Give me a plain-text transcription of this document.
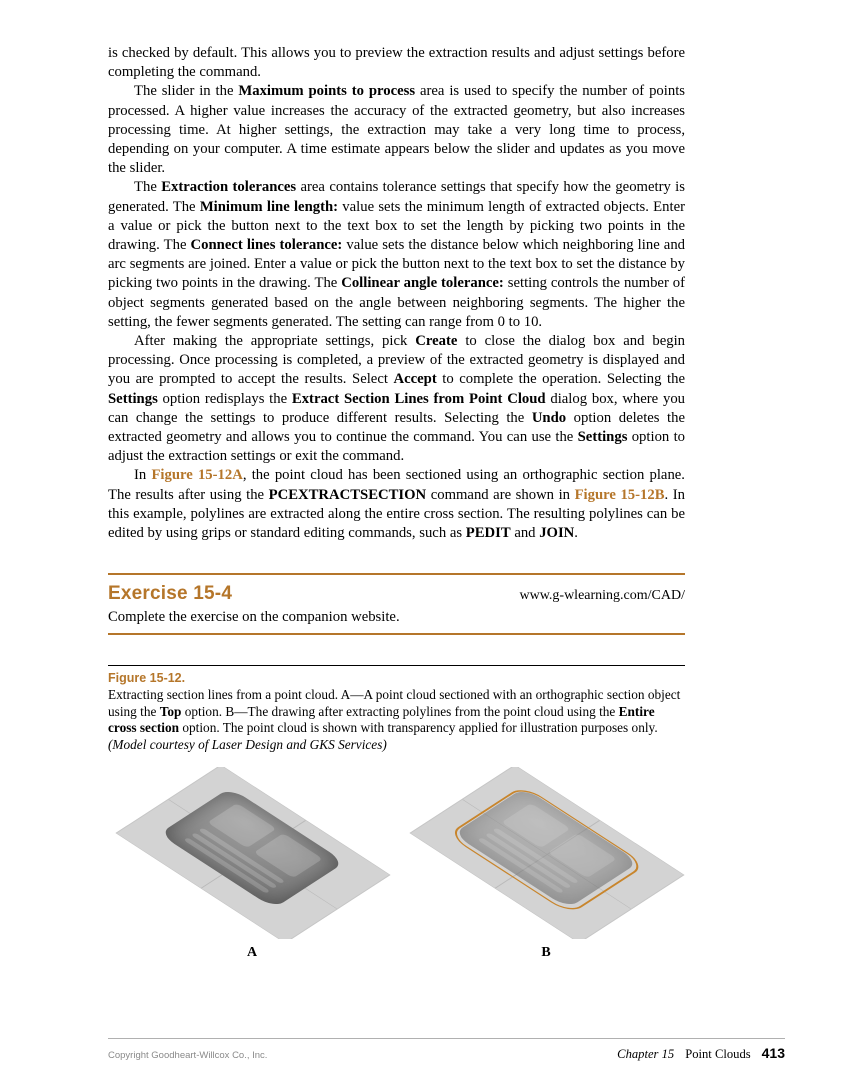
is checked by default. This allows you to preview the extraction results and adjust settings before completing the command.

The slider in the Maximum points to process area is used to specify the number of points processed. A higher value increases the accuracy of the extracted geometry, but also increases processing time. At higher settings, the extraction may take a very long time to process, depending on your computer. A time estimate appears below the slider and updates as you move the slider.

The Extraction tolerances area contains tolerance settings that specify how the geometry is generated. The Minimum line length: value sets the minimum length of extracted objects. Enter a value or pick the button next to the text box to set the length by picking two points in the drawing. The Connect lines tolerance: value sets the distance below which neighboring line and arc segments are joined. Enter a value or pick the button next to the text box to set the distance by picking two points in the drawing. The Collinear angle tolerance: setting controls the number of object segments generated based on the angle between neighboring segments. The higher the setting, the fewer segments generated. The setting can range from 0 to 10.

After making the appropriate settings, pick Create to close the dialog box and begin processing. Once processing is completed, a preview of the extracted geometry is displayed and you are prompted to accept the results. Select Accept to complete the operation. Selecting the Settings option redisplays the Extract Section Lines from Point Cloud dialog box, where you can change the settings to produce different results. Selecting the Undo option deletes the extracted geometry and allows you to continue the command. You can use the Settings option to adjust the extraction settings or exit the command.

In Figure 15-12A, the point cloud has been sectioned using an orthographic section plane. The results after using the PCEXTRACTSECTION command are shown in Figure 15-12B. In this example, polylines are extracted along the entire cross section. The resulting polylines can be edited by using grips or standard editing commands, such as PEDIT and JOIN.

Exercise 15-4	www.g-wlearning.com/CAD/
Complete the exercise on the companion website.
Figure 15-12.
Extracting section lines from a point cloud. A—A point cloud sectioned with an orthographic section object using the Top option. B—The drawing after extracting polylines from the point cloud using the Entire cross section option. The point cloud is shown with transparency applied for illustration purposes only. (Model courtesy of Laser Design and GKS Services)
A	B
Copyright Goodheart-Willcox Co., Inc.	Chapter 15 Point Clouds 413
